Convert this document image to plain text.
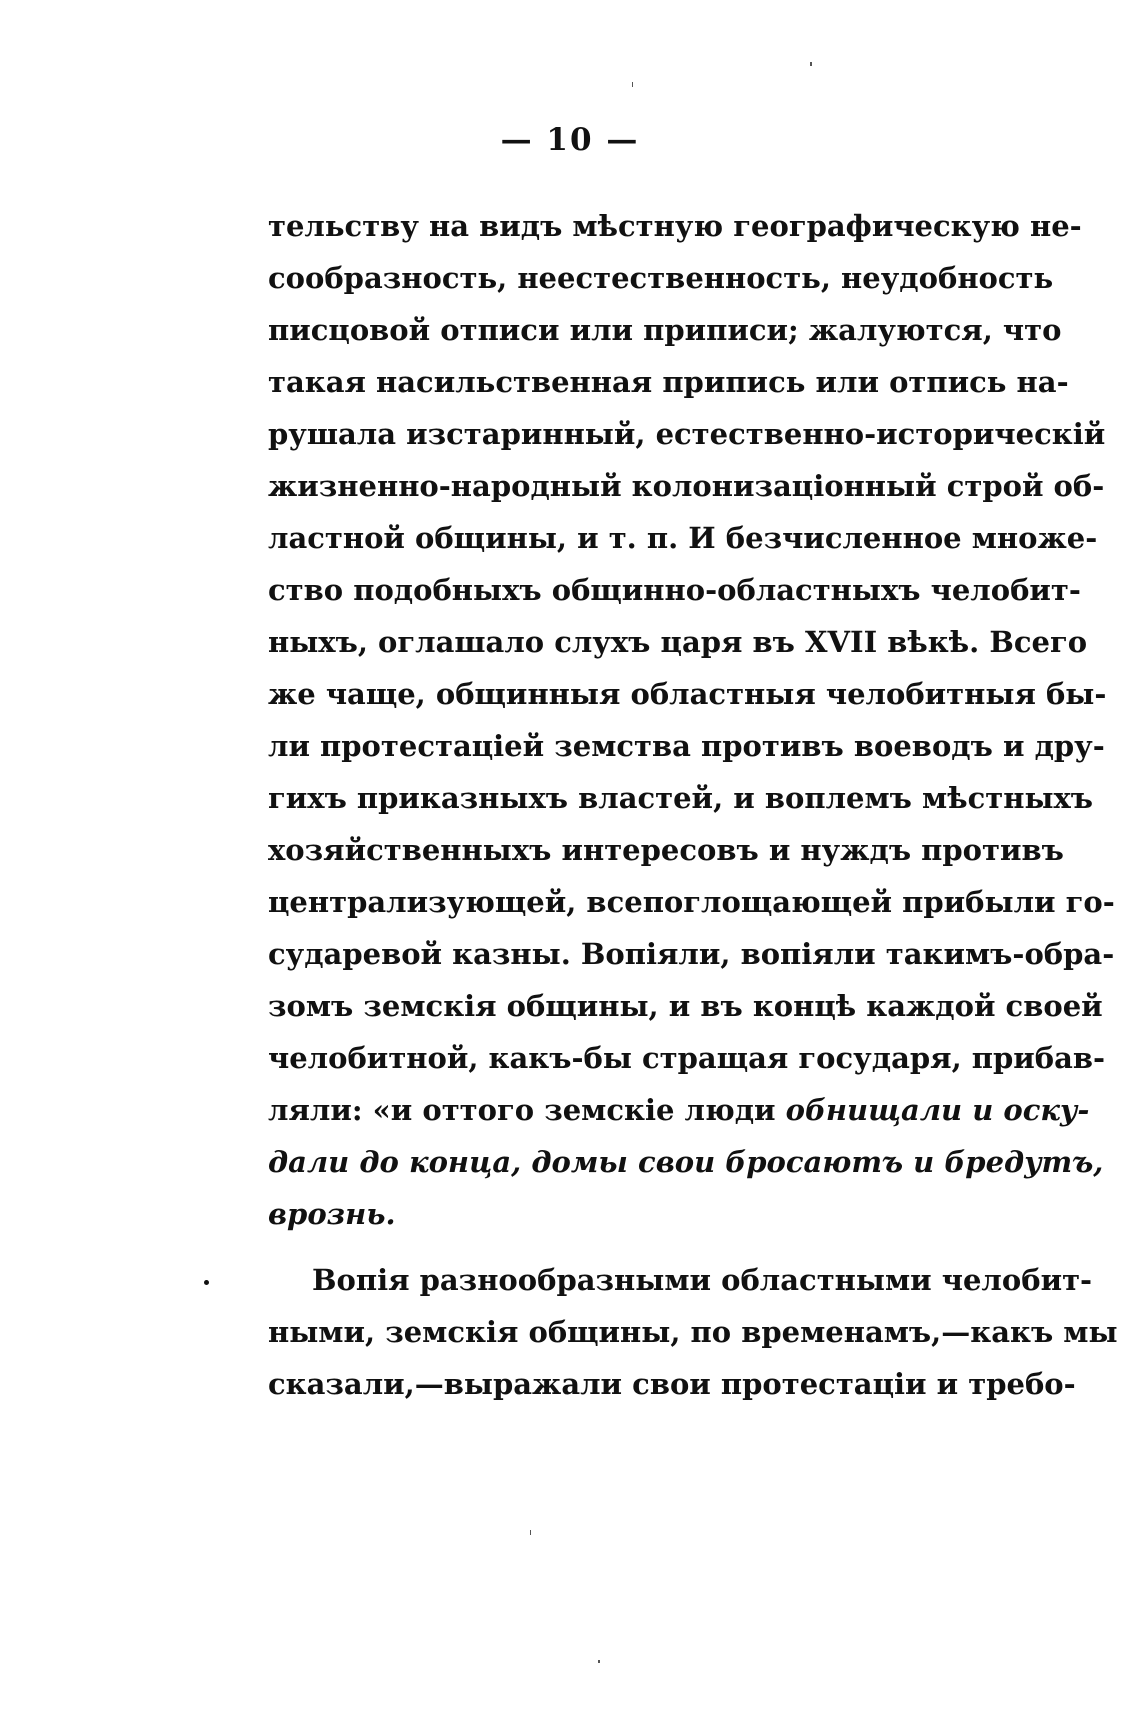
— 10 —
тельству на видъ мѣстную географическую не-
сообразность, неестественность, неудобность
писцовой отписи или приписи; жалуются, что
такая насильственная припись или отпись на-
рушала изстаринный, естественно-историческій
жизненно-народный колонизаціонный строй об-
ластной общины, и т. п. И безчисленное множе-
ство подобныхъ общинно-областныхъ челобит-
ныхъ, оглашало слухъ царя въ XVII вѣкѣ. Всего
же чаще, общинныя областныя челобитныя бы-
ли протестаціей земства противъ воеводъ и дру-
гихъ приказныхъ властей, и воплемъ мѣстныхъ
хозяйственныхъ интересовъ и нуждъ противъ
централизующей, всепоглощающей прибыли го-
сударевой казны. Вопіяли, вопіяли такимъ-обра-
зомъ земскія общины, и въ концѣ каждой своей
челобитной, какъ-бы стращая государя, прибав-
ляли: «и оттого земскіе люди обнищали и оску-
дали до конца, домы свои бросаютъ и бредутъ,
врознь.
Вопія разнообразными областными челобит-
ными, земскія общины, по временамъ,—какъ мы
сказали,—выражали свои протестаціи и требо-
